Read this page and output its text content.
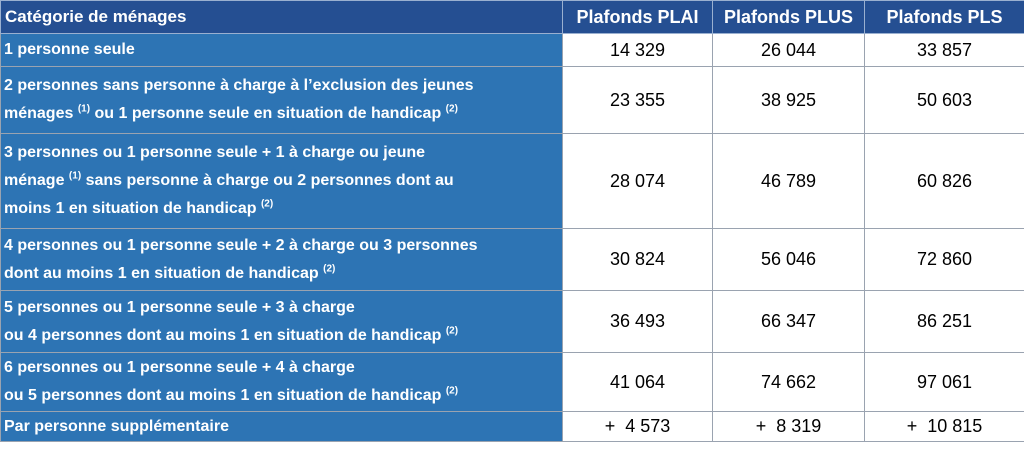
Catégorie de ménages	Plafonds PLAI	Plafonds PLUS	Plafonds PLS
1 personne seule	14 329	26 044	33 857
2 personnes sans personne à charge à l’exclusion des jeunes
ménages $^{(1)}$ ou 1 personne seule en situation de handicap $^{(2)}$	23 355	38 925	50 603
3 personnes ou 1 personne seule + 1 à charge ou jeune
ménage $^{(1)}$ sans personne à charge ou 2 personnes dont au
moins 1 en situation de handicap $^{(2)}$	28 074	46 789	60 826
4 personnes ou 1 personne seule + 2 à charge ou 3 personnes
dont au moins 1 en situation de handicap $^{(2)}$	30 824	56 046	72 860
5 personnes ou 1 personne seule + 3 à charge
ou 4 personnes dont au moins 1 en situation de handicap $^{(2)}$	36 493	66 347	86 251
6 personnes ou 1 personne seule + 4 à charge
ou 5 personnes dont au moins 1 en situation de handicap $^{(2)}$	41 064	74 662	97 061
Par personne supplémentaire	+ 4 573	+ 8 319	+ 10 815
